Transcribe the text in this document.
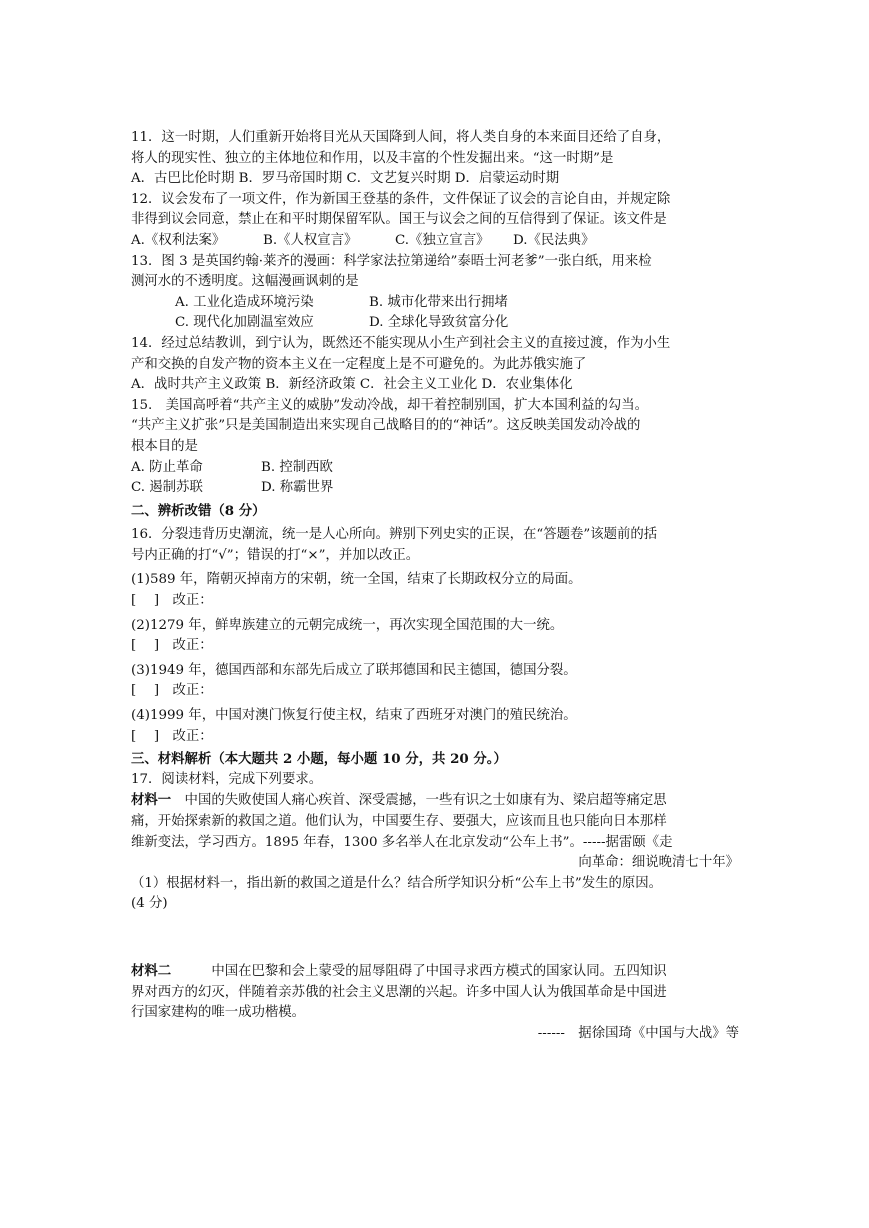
11．这一时期，人们重新开始将目光从天国降到人间，将人类自身的本来面目还给了自身，

将人的现实性、独立的主体地位和作用，以及丰富的个性发掘出来。“这一时期”是

A．古巴比伦时期 B．罗马帝国时期 C．文艺复兴时期 D．启蒙运动时期

12．议会发布了一项文件，作为新国王登基的条件，文件保证了议会的言论自由，并规定除

非得到议会同意，禁止在和平时期保留军队。国王与议会之间的互信得到了保证。该文件是

A.《权利法案》	B.《人权宣言》	C.《独立宣言》 D.《民法典》

13．图 3 是英国约翰·莱齐的漫画：科学家法拉第递给”泰晤士河老爹”一张白纸，用来检

测河水的不透明度。这幅漫画讽刺的是

A. 工业化造成环境污染	B. 城市化带来出行拥堵

C. 现代化加剧温室效应	D. 全球化导致贫富分化

14．经过总结教训，到宁认为，既然还不能实现从小生产到社会主义的直接过渡，作为小生

产和交换的自发产物的资本主义在一定程度上是不可避免的。为此苏俄实施了

A．战时共产主义政策 B．新经济政策 C．社会主义工业化 D．农业集体化

15.　美国高呼着“共产主义的威胁”发动冷战，却干着控制别国，扩大本国利益的勾当。

“共产主义扩张”只是美国制造出来实现自己战略目的的“神话”。这反映美国发动冷战的

根本目的是

A. 防止革命	B. 控制西欧

C. 遏制苏联	D. 称霸世界

二、辨析改错（8 分）

16．分裂违背历史潮流，统一是人心所向。辨别下列史实的正误，在“答题卷”该题前的括

号内正确的打“√”；错误的打“×”，并加以改正。

(1)589 年，隋朝灭掉南方的宋朝，统一全国，结束了长期政权分立的局面。

[　 ]　改正：

(2)1279 年，鲜卑族建立的元朝完成统一，再次实现全国范围的大一统。

[　 ]　改正：

(3)1949 年，德国西部和东部先后成立了联邦德国和民主德国，德国分裂。

[　 ]　改正：

(4)1999 年，中国对澳门恢复行使主权，结束了西班牙对澳门的殖民统治。

[　 ]　改正：

三、材料解析（本大题共 2 小题，每小题 10 分，共 20 分。）

17．阅读材料，完成下列要求。

材料一　中国的失败使国人痛心疾首、深受震撼，一些有识之士如康有为、梁启超等痛定思

痛，开始探索新的救国之道。他们认为，中国要生存、要强大，应该而且也只能向日本那样

维新变法，学习西方。1895 年春，1300 多名举人在北京发动“公车上书”。-----据雷颐《走

向革命：细说晚清七十年》

（1）根据材料一，指出新的救国之道是什么？结合所学知识分析“公车上书”发生的原因。

(4 分)

材料二　　　中国在巴黎和会上蒙受的屈辱阻碍了中国寻求西方模式的国家认同。五四知识

界对西方的幻灭，伴随着亲苏俄的社会主义思潮的兴起。许多中国人认为俄国革命是中国进

行国家建构的唯一成功楷模。

------　据徐国琦《中国与大战》等
